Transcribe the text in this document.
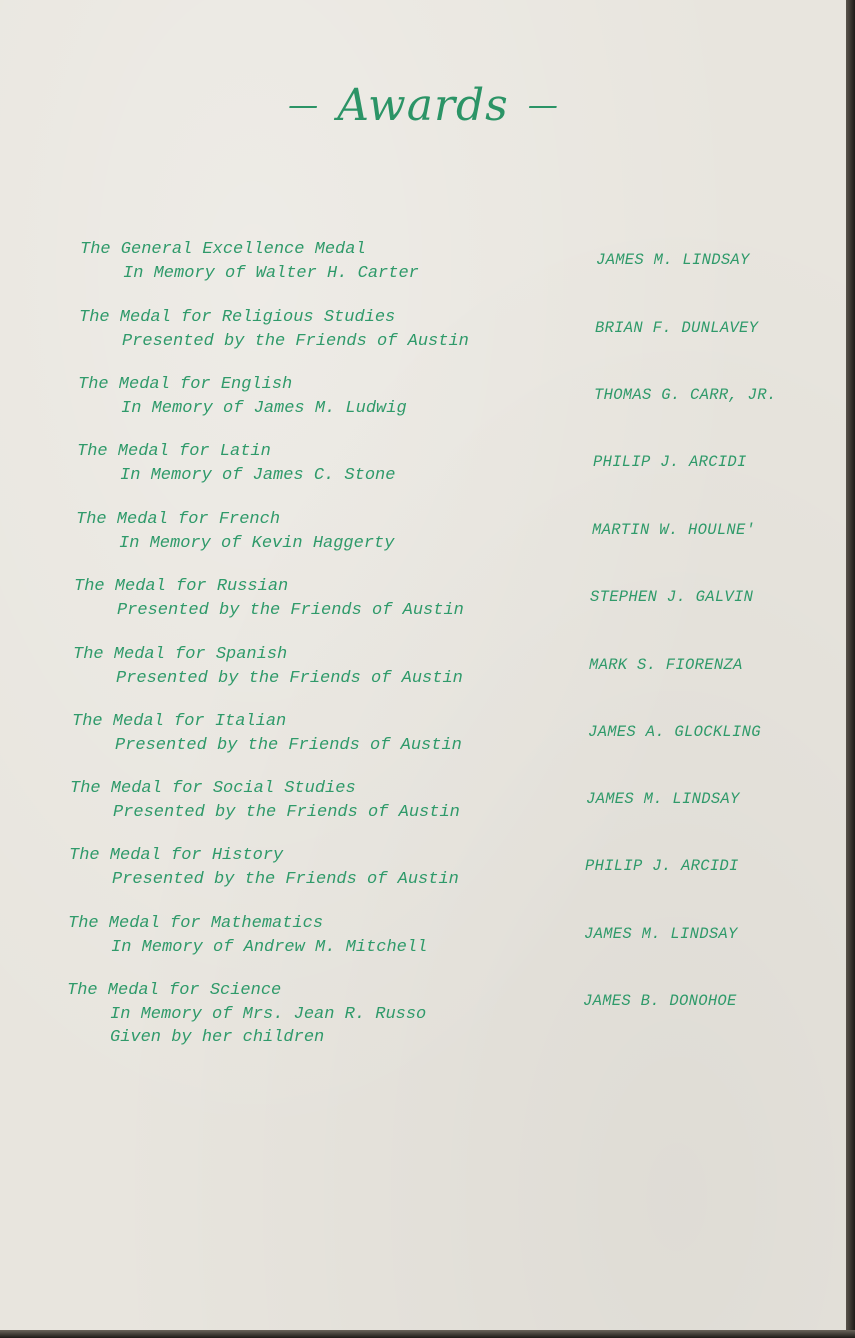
— Awards —
The General Excellence Medal
In Memory of Walter H. Carter
JAMES M. LINDSAY
The Medal for Religious Studies
Presented by the Friends of Austin
BRIAN F. DUNLAVEY
The Medal for English
In Memory of James M. Ludwig
THOMAS G. CARR, JR.
The Medal for Latin
In Memory of James C. Stone
PHILIP J. ARCIDI
The Medal for French
In Memory of Kevin Haggerty
MARTIN W. HOULNE'
The Medal for Russian
Presented by the Friends of Austin
STEPHEN J. GALVIN
The Medal for Spanish
Presented by the Friends of Austin
MARK S. FIORENZA
The Medal for Italian
Presented by the Friends of Austin
JAMES A. GLOCKLING
The Medal for Social Studies
Presented by the Friends of Austin
JAMES M. LINDSAY
The Medal for History
Presented by the Friends of Austin
PHILIP J. ARCIDI
The Medal for Mathematics
In Memory of Andrew M. Mitchell
JAMES M. LINDSAY
The Medal for Science
In Memory of Mrs. Jean R. Russo
Given by her children
JAMES B. DONOHOE
